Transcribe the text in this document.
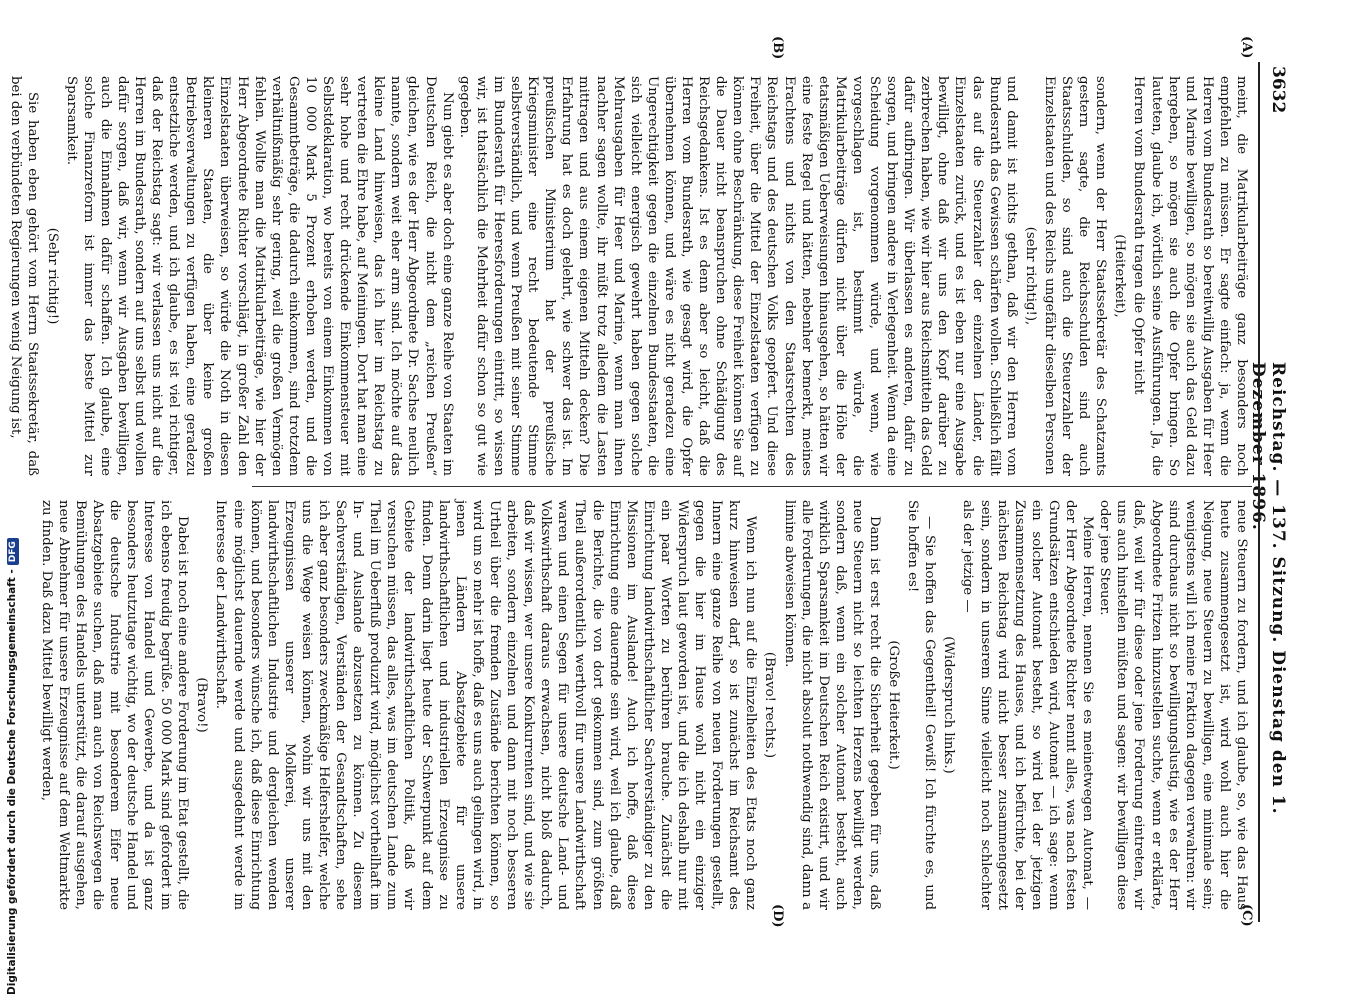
3632
Reichstag. — 137. Sitzung. Dienstag den 1. Dezember 1896.
(A)
(B)
(C)
(D)

meint, die Matrikularbeiträge ganz besonders noch empfehlen zu müssen. Er sagte einfach: ja, wenn die Herren vom Bundesrath so bereitwillig Ausgaben für Heer und Marine bewilligen, so mögen sie auch das Geld dazu hergeben, so mögen sie auch die Opfer bringen. So lauteten, glaube ich, wörtlich seine Ausführungen. Ja, die Herren vom Bundesrath tragen die Opfer nicht

(Heiterkeit),

sondern, wenn der Herr Staatssekretär des Schatzamts gestern sagte, die Reichsschulden sind auch Staatsschulden, so sind auch die Steuerzahler der Einzelstaaten und des Reichs ungefähr dieselben Personen

(sehr richtig!),

und damit ist nichts gethan, daß wir den Herren vom Bundesrath das Gewissen schärfen wollen. Schließlich fällt das auf die Steuerzahler der einzelnen Länder, die Einzelstaaten zurück, und es ist eben nur eine Ausgabe bewilligt, ohne daß wir uns den Kopf darüber zu zerbrechen haben, wie wir hier aus Reichsmitteln das Geld dafür aufbringen. Wir überlassen es anderen, dafür zu sorgen, und bringen andere in Verlegenheit. Wenn da eine Scheidung vorgenommen würde, und wenn, wie vorgeschlagen ist, bestimmt würde, die Matrikularbeiträge dürfen nicht über die Höhe der etatsmäßigen Ueberweisungen hinausgehen, so hätten wir eine feste Regel und hätten, nebenher bemerkt, meines Erachtens und nichts von den Staatsrechten des Reichstags und des deutschen Volks geopfert. Und diese Freiheit, über die Mittel der Einzelstaaten verfügen zu können ohne Beschränkung, diese Freiheit können Sie auf die Dauer nicht beanspruchen ohne Schädigung des Reichsgedankens. Ist es denn aber so leicht, daß die Herren vom Bundesrath, wie gesagt wird, die Opfer übernehmen können, und wäre es nicht geradezu eine Ungerechtigkeit gegen die einzelnen Bundesstaaten, die sich vielleicht energisch gewehrt haben gegen solche Mehrausgaben für Heer und Marine, wenn man ihnen nachher sagen wollte, ihr müßt trotz alledem die Lasten mittragen und aus einem eigenen Mitteln decken? Die Erfahrung hat es doch gelehrt, wie schwer das ist. Im preußischen Ministerium hat der preußische Kriegsminister eine recht bedeutende Stimme selbstverständlich, und wenn Preußen mit seiner Stimme im Bundesrath für Heeresforderungen eintritt, so wissen wir, ist thatsächlich die Mehrheit dafür schon so gut wie gegeben.

Nun giebt es aber doch eine ganze Reihe von Staaten im Deutschen Reich, die nicht dem „reichen Preußen“ gleichen, wie es der Herr Abgeordnete Dr. Sachse neulich nannte, sondern weit eher arm sind. Ich möchte auf das kleine Land hinweisen, das ich hier im Reichstag zu vertreten die Ehre habe, auf Meiningen. Dort hat man eine sehr hohe und recht drückende Einkommensteuer mit Selbstdeklaration, wo bereits von einem Einkommen von 10 000 Mark 5 Prozent erhoben werden, und die Gesammtbeträge, die dadurch einkommen, sind trotzdem verhältnißmäßig sehr gering, weil die großen Vermögen fehlen. Wollte man die Matrikularbeiträge, wie hier der Herr Abgeordnete Richter vorschlägt, in großer Zahl den Einzelstaaten überweisen, so würde die Noth in diesen kleineren Staaten, die über keine großen Betriebsverwaltungen zu verfügen haben, eine geradezu entsetzliche werden, und ich glaube, es ist viel richtiger, daß der Reichstag sagt: wir verlassen uns nicht auf die Herren im Bundesrath, sondern auf uns selbst und wollen dafür sorgen, daß wir, wenn wir Ausgaben bewilligen, auch die Einnahmen dafür schaffen. Ich glaube, eine solche Finanzreform ist immer das beste Mittel zur Sparsamkeit.

(Sehr richtig!)

Sie haben eben gehört vom Herrn Staatssekretär, daß bei den verbündeten Regierungen wenig Neigung ist,

neue Steuern zu fordern, und ich glaube, so, wie das Haus heute zusammengesetzt ist, wird wohl auch hier die Neigung, neue Steuern zu bewilligen, eine minimale sein; wenigstens will ich meine Fraktion dagegen verwahren: wir sind durchaus nicht so bewilligungslustig, wie es der Herr Abgeordnete Fritzen hinzustellen suchte, wenn er erklärte, daß, weil wir für diese oder jene Forderung eintreten, wir uns auch hinstellen müßten und sagen: wir bewilligen diese oder jene Steuer.

Meine Herren, nennen Sie es meinetwegen Automat, — der Herr Abgeordnete Richter nennt alles, was nach festen Grundsätzen entschieden wird, Automat — ich sage: wenn ein solcher Automat besteht, so wird bei der jetzigen Zusammensetzung des Hauses, und ich befürchte, bei der nächsten Reichstag wird nicht besser zusammengesetzt sein, sondern in unserem Sinne vielleicht noch schlechter als der jetzige —

(Widerspruch links.)

— Sie hoffen das Gegentheil! Gewiß! Ich fürchte es, und Sie hoffen es!

(Große Heiterkeit.)

Dann ist erst recht die Sicherheit gegeben für uns, daß neue Steuern nicht so leichten Herzens bewilligt werden, sondern daß, wenn ein solcher Automat besteht, auch wirklich Sparsamkeit im Deutschen Reich existirt, und wir alle Forderungen, die nicht absolut nothwendig sind, dann a limine abweisen können.

(Bravo! rechts.)

Wenn ich nun auf die Einzelheiten des Etats noch ganz kurz hinweisen darf, so ist zunächst im Reichsamt des Innern eine ganze Reihe von neuen Forderungen gestellt, gegen die hier im Hause wohl nicht ein einziger Widerspruch laut geworden ist, und die ich deshalb nur mit ein paar Worten zu berühren brauche. Zunächst die Einrichtung landwirthschaftlicher Sachverständiger zu den Missionen im Auslande! Auch ich hoffe, daß diese Einrichtung eine dauernde sein wird, weil ich glaube, daß die Berichte, die von dort gekommen sind, zum größten Theil außerordentlich werthvoll für unsere Landwirthschaft waren und einen Segen für unsere deutsche Land- und Volkswirthschaft daraus erwachsen, nicht bloß dadurch, daß wir wissen, wer unsere Konkurrenten sind, und wie sie arbeiten, sondern einzelnen und dann mit noch besseren Urtheil über die fremden Zustände berichten können, so wird um so mehr ist hoffe, daß es uns auch gelingen wird, in jenen Ländern Absatzgebiete für unsere landwirthschaftlichen und industriellen Erzeugnisse zu finden. Denn darin liegt heute der Schwerpunkt auf dem Gebiete der landwirthschaftlichen Politik, daß wir versuchen müssen, das alles, was im deutschen Lande zum Theil im Ueberfluß produzirt wird, möglichst vortheilhaft im In- und Auslande abzusetzen zu können. Zu diesem Sachverständigen, Verständen der Gesandtschaften, sehe ich aber ganz besonders zweckmäßige Helfershelfer, welche uns die Wege weisen können, wohin wir uns mit den Erzeugnissen unserer Molkerei, unserer landwirthschaftlichen Industrie und dergleichen wenden können, und besonders wünsche ich, daß diese Einrichtung eine möglichst dauernde werde und ausgedehnt werde im Interesse der Landwirthschaft.

(Bravo!)

Dabei ist noch eine andere Forderung im Etat gestellt, die ich ebenso freudig begrüße. 50 000 Mark sind gefordert im Interesse von Handel und Gewerbe, und da ist ganz besonders heutzutage wichtig, wo der deutsche Handel und die deutsche Industrie mit besonderem Eifer neue Absatzgebiete suchen, daß man auch von Reichswegen die Bemühungen des Handels unterstützt, die darauf ausgehen, neue Abnehmer für unsere Erzeugnisse auf dem Weltmarkte zu finden. Daß dazu Mittel bewilligt werden,

Digitalisierung gefördert durch die Deutsche Forschungsgemeinschaft -DFG
